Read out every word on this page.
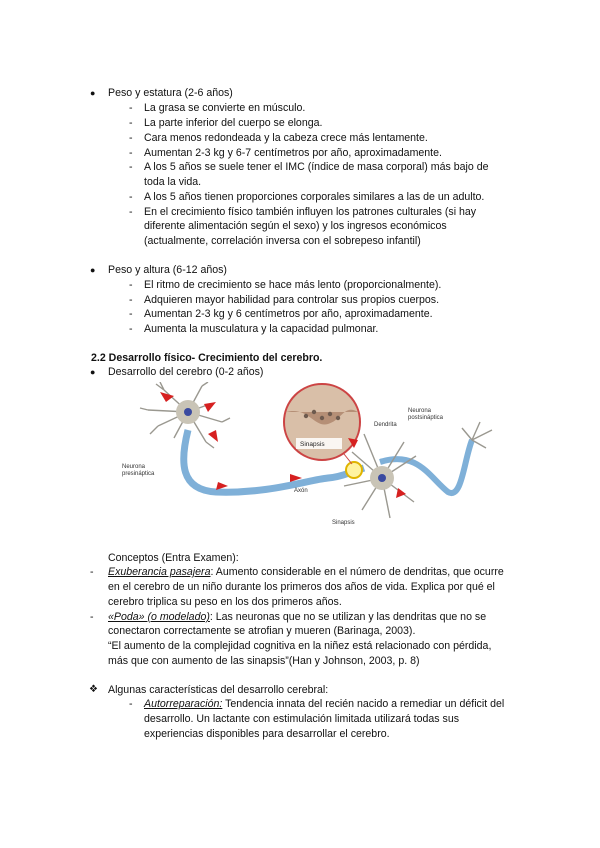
● Peso y estatura (2-6 años)
- La grasa se convierte en músculo.
- La parte inferior del cuerpo se elonga.
- Cara menos redondeada y la cabeza crece más lentamente.
- Aumentan 2-3 kg y 6-7 centímetros por año, aproximadamente.
- A los 5 años se suele tener el IMC (índice de masa corporal) más bajo de
toda la vida.
- A los 5 años tienen proporciones corporales similares a las de un adulto.
- En el crecimiento físico también influyen los patrones culturales (si hay
diferente alimentación según el sexo) y los ingresos económicos
(actualmente, correlación inversa con el sobrepeso infantil)
● Peso y altura (6-12 años)
- El ritmo de crecimiento se hace más lento (proporcionalmente).
- Adquieren mayor habilidad para controlar sus propios cuerpos.
- Aumentan 2-3 kg y 6 centímetros por año, aproximadamente.
- Aumenta la musculatura y la capacidad pulmonar.
2.2 Desarrollo físico- Crecimiento del cerebro.
● Desarrollo del cerebro (0-2 años)
Neurona
presináptica
Axón
Sinapsis
Sinapsis
Dendrita
Neurona
postsináptica
Conceptos (Entra Examen):
- Exuberancia pasajera: Aumento considerable en el número de dendritas, que ocurre
en el cerebro de un niño durante los primeros dos años de vida. Explica por qué el
cerebro triplica su peso en los dos primeros años.
- «Poda» (o modelado): Las neuronas que no se utilizan y las dendritas que no se
conectaron correctamente se atrofian y mueren (Barinaga, 2003).
“El aumento de la complejidad cognitiva en la niñez está relacionado con pérdida,
más que con aumento de las sinapsis”(Han y Johnson, 2003, p. 8)
❖ Algunas características del desarrollo cerebral:
- Autorreparación: Tendencia innata del recién nacido a remediar un déficit del
desarrollo. Un lactante con estimulación limitada utilizará todas sus
experiencias disponibles para desarrollar el cerebro.
